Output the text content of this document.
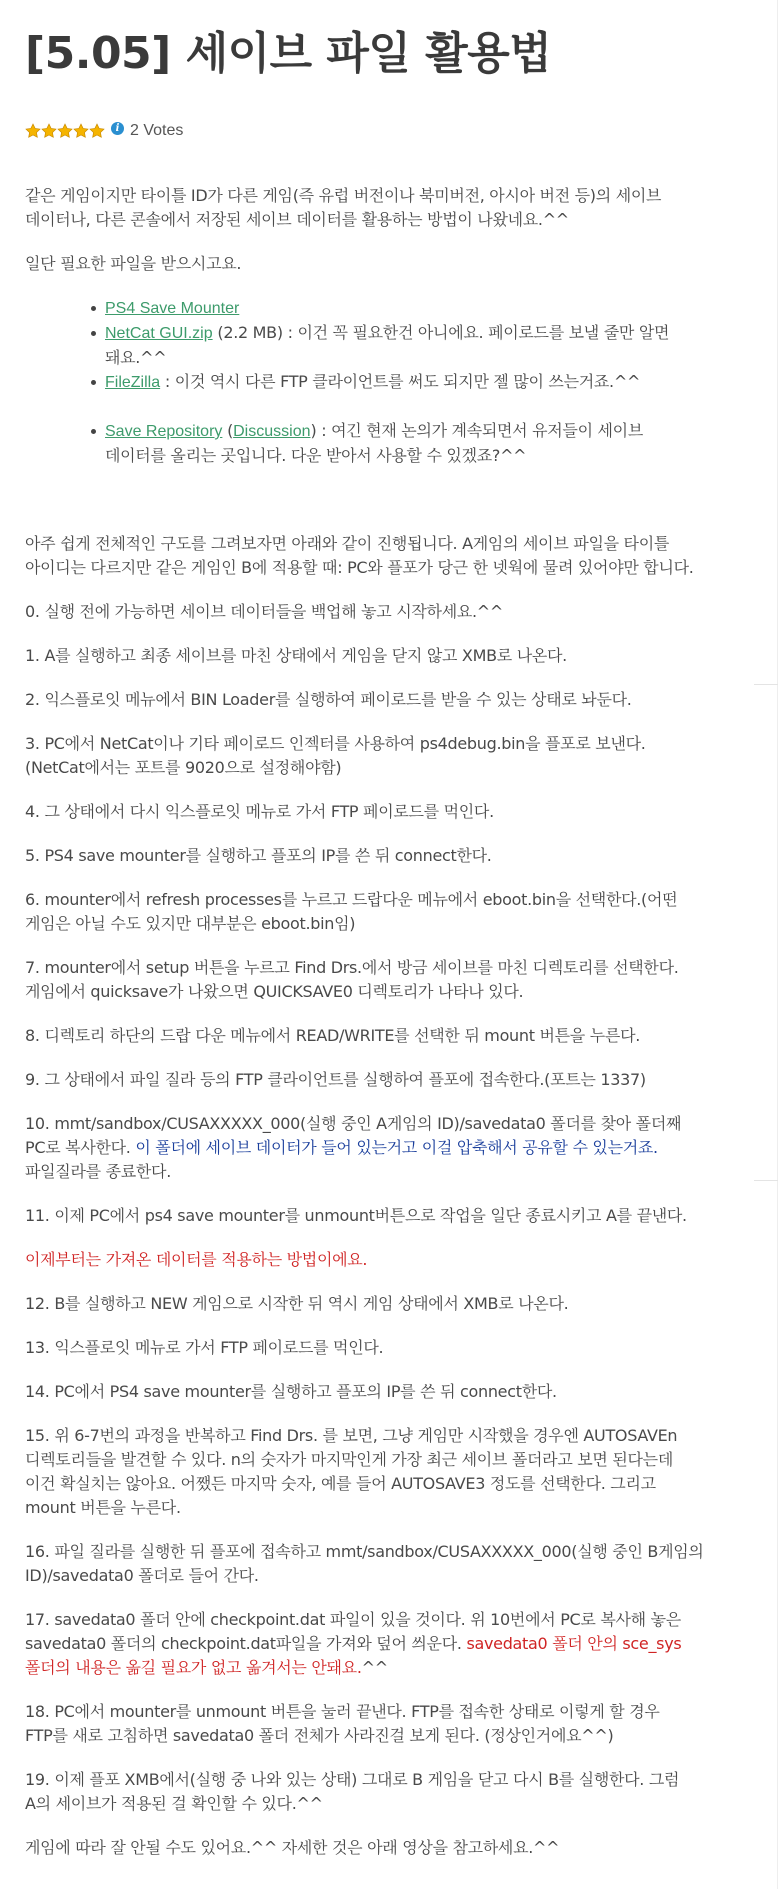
[5.05] 세이브 파일 활용법
i 2 Votes

같은 게임이지만 타이틀 ID가 다른 게임(즉 유럽 버전이나 북미버전, 아시아 버전 등)의 세이브 데이터나, 다른 콘솔에서 저장된 세이브 데이터를 활용하는 방법이 나왔네요.^^

일단 필요한 파일을 받으시고요.

PS4 Save Mounter
NetCat GUI.zip (2.2 MB) : 이건 꼭 필요한건 아니에요. 페이로드를 보낼 줄만 알면 돼요.^^
FileZilla : 이것 역시 다른 FTP 클라이언트를 써도 되지만 젤 많이 쓰는거죠.^^
Save Repository (Discussion) : 여긴 현재 논의가 계속되면서 유저들이 세이브 데이터를 올리는 곳입니다. 다운 받아서 사용할 수 있겠죠?^^

아주 쉽게 전체적인 구도를 그려보자면 아래와 같이 진행됩니다. A게임의 세이브 파일을 타이틀 아이디는 다르지만 같은 게임인 B에 적용할 때: PC와 플포가 당근 한 넷웍에 물려 있어야만 합니다.

0. 실행 전에 가능하면 세이브 데이터들을 백업해 놓고 시작하세요.^^

1. A를 실행하고 최종 세이브를 마친 상태에서 게임을 닫지 않고 XMB로 나온다.

2. 익스플로잇 메뉴에서 BIN Loader를 실행하여 페이로드를 받을 수 있는 상태로 놔둔다.

3. PC에서 NetCat이나 기타 페이로드 인젝터를 사용하여 ps4debug.bin을 플포로 보낸다.(NetCat에서는 포트를 9020으로 설정해야함)

4. 그 상태에서 다시 익스플로잇 메뉴로 가서 FTP 페이로드를 먹인다.

5. PS4 save mounter를 실행하고 플포의 IP를 쓴 뒤 connect한다.

6. mounter에서 refresh processes를 누르고 드랍다운 메뉴에서 eboot.bin을 선택한다.(어떤 게임은 아닐 수도 있지만 대부분은 eboot.bin임)

7. mounter에서 setup 버튼을 누르고 Find Drs.에서 방금 세이브를 마친 디렉토리를 선택한다. 게임에서 quicksave가 나왔으면 QUICKSAVE0 디렉토리가 나타나 있다.

8. 디렉토리 하단의 드랍 다운 메뉴에서 READ/WRITE를 선택한 뒤 mount 버튼을 누른다.

9. 그 상태에서 파일 질라 등의 FTP 클라이언트를 실행하여 플포에 접속한다.(포트는 1337)

10. mmt/sandbox/CUSAXXXXX_000(실행 중인 A게임의 ID)/savedata0 폴더를 찾아 폴더째 PC로 복사한다. 이 폴더에 세이브 데이터가 들어 있는거고 이걸 압축해서 공유할 수 있는거죠. 파일질라를 종료한다.

11. 이제 PC에서 ps4 save mounter를 unmount버튼으로 작업을 일단 종료시키고 A를 끝낸다.

이제부터는 가져온 데이터를 적용하는 방법이에요.

12. B를 실행하고 NEW 게임으로 시작한 뒤 역시 게임 상태에서 XMB로 나온다.

13. 익스플로잇 메뉴로 가서 FTP 페이로드를 먹인다.

14. PC에서 PS4 save mounter를 실행하고 플포의 IP를 쓴 뒤 connect한다.

15. 위 6-7번의 과정을 반복하고 Find Drs. 를 보면, 그냥 게임만 시작했을 경우엔 AUTOSAVEn 디렉토리들을 발견할 수 있다. n의 숫자가 마지막인게 가장 최근 세이브 폴더라고 보면 된다는데 이건 확실치는 않아요. 어쨌든 마지막 숫자, 예를 들어 AUTOSAVE3 정도를 선택한다. 그리고 mount 버튼을 누른다.

16. 파일 질라를 실행한 뒤 플포에 접속하고 mmt/sandbox/CUSAXXXXX_000(실행 중인 B게임의 ID)/savedata0 폴더로 들어 간다.

17. savedata0 폴더 안에 checkpoint.dat 파일이 있을 것이다. 위 10번에서 PC로 복사해 놓은 savedata0 폴더의 checkpoint.dat파일을 가져와 덮어 씌운다. savedata0 폴더 안의 sce_sys 폴더의 내용은 옮길 필요가 없고 옮겨서는 안돼요.^^

18. PC에서 mounter를 unmount 버튼을 눌러 끝낸다. FTP를 접속한 상태로 이렇게 할 경우 FTP를 새로 고침하면 savedata0 폴더 전체가 사라진걸 보게 된다. (정상인거에요^^)

19. 이제 플포 XMB에서(실행 중 나와 있는 상태) 그대로 B 게임을 닫고 다시 B를 실행한다. 그럼 A의 세이브가 적용된 걸 확인할 수 있다.^^

게임에 따라 잘 안될 수도 있어요.^^ 자세한 것은 아래 영상을 참고하세요.^^
